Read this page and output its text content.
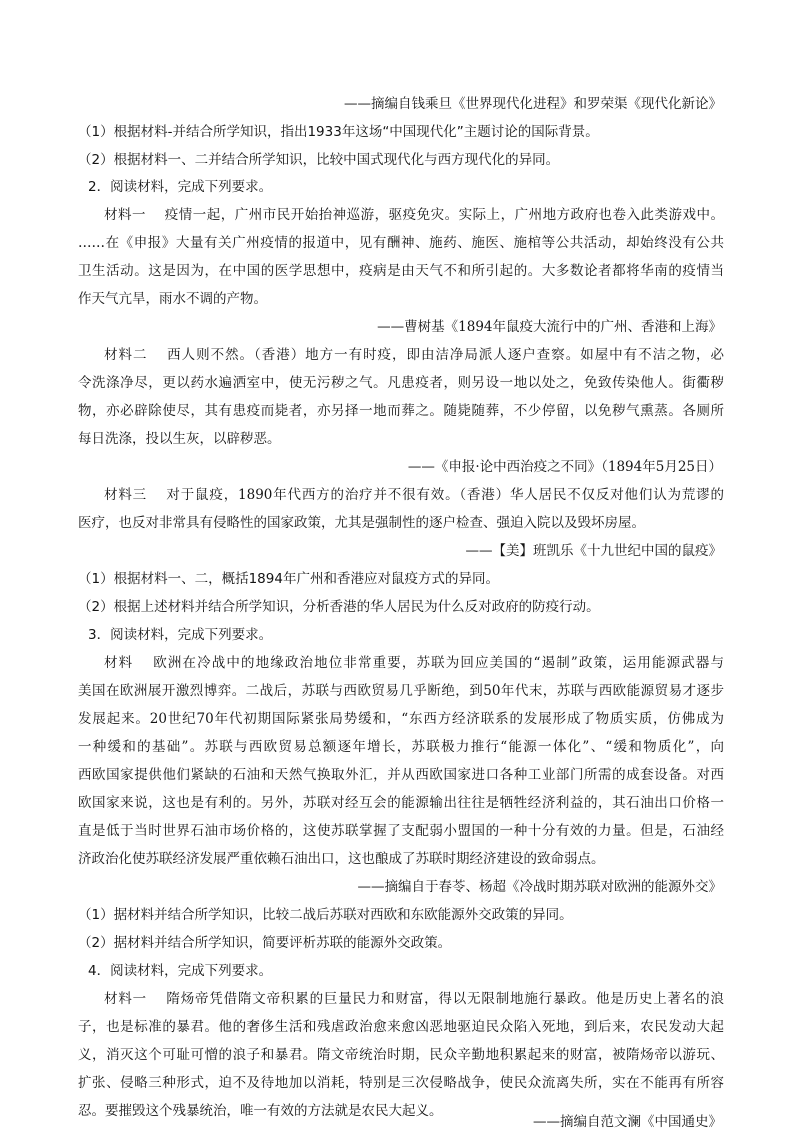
——摘编自钱乘旦《世界现代化进程》和罗荣渠《现代化新论》
（1）根据材料-并结合所学知识，指出1933年这场“中国现代化”主题讨论的国际背景。
（2）根据材料一、二并结合所学知识，比较中国式现代化与西方现代化的异同。
2．阅读材料，完成下列要求。
材料一　 疫情一起，广州市民开始抬神巡游，驱疫免灾。实际上，广州地方政府也卷入此类游戏中。
……在《申报》大量有关广州疫情的报道中，见有酬神、施药、施医、施棺等公共活动，却始终没有公共
卫生活动。这是因为，在中国的医学思想中，疫病是由天气不和所引起的。大多数论者都将华南的疫情当
作天气亢旱，雨水不调的产物。
——曹树基《1894年鼠疫大流行中的广州、香港和上海》
材料二　 西人则不然。（香港）地方一有时疫，即由洁净局派人逐户查察。如屋中有不洁之物，必
令洗涤净尽，更以药水遍洒室中，使无污秽之气。凡患疫者，则另设一地以处之，免致传染他人。街衢秽
物，亦必辟除使尽，其有患疫而毙者，亦另择一地而葬之。随毙随葬，不少停留，以免秽气熏蒸。各厕所
每日洗涤，投以生灰，以辟秽恶。
——《申报·论中西治疫之不同》（1894年5月25日）
材料三　 对于鼠疫，1890年代西方的治疗并不很有效。（香港）华人居民不仅反对他们认为荒谬的
医疗，也反对非常具有侵略性的国家政策，尤其是强制性的逐户检查、强迫入院以及毁坏房屋。
——【美】班凯乐《十九世纪中国的鼠疫》
（1）根据材料一、二，概括1894年广州和香港应对鼠疫方式的异同。
（2）根据上述材料并结合所学知识，分析香港的华人居民为什么反对政府的防疫行动。
3．阅读材料，完成下列要求。
材料　 欧洲在冷战中的地缘政治地位非常重要，苏联为回应美国的“遏制”政策，运用能源武器与
美国在欧洲展开激烈博弈。二战后，苏联与西欧贸易几乎断绝，到50年代末，苏联与西欧能源贸易才逐步
发展起来。20世纪70年代初期国际紧张局势缓和，“东西方经济联系的发展形成了物质实质，仿佛成为
一种缓和的基础”。苏联与西欧贸易总额逐年增长，苏联极力推行“能源一体化”、“缓和物质化”，向
西欧国家提供他们紧缺的石油和天然气换取外汇，并从西欧国家进口各种工业部门所需的成套设备。对西
欧国家来说，这也是有利的。另外，苏联对经互会的能源输出往往是牺牲经济利益的，其石油出口价格一
直是低于当时世界石油市场价格的，这使苏联掌握了支配弱小盟国的一种十分有效的力量。但是，石油经
济政治化使苏联经济发展严重依赖石油出口，这也酿成了苏联时期经济建设的致命弱点。
——摘编自于春苓、杨超《冷战时期苏联对欧洲的能源外交》
（1）据材料并结合所学知识，比较二战后苏联对西欧和东欧能源外交政策的异同。
（2）据材料并结合所学知识，简要评析苏联的能源外交政策。
4．阅读材料，完成下列要求。
材料一　 隋炀帝凭借隋文帝积累的巨量民力和财富，得以无限制地施行暴政。他是历史上著名的浪
子，也是标准的暴君。他的奢侈生活和残虐政治愈来愈凶恶地驱迫民众陷入死地，到后来，农民发动大起
义，消灭这个可耻可憎的浪子和暴君。隋文帝统治时期，民众辛勤地积累起来的财富，被隋炀帝以游玩、
扩张、侵略三种形式，迫不及待地加以消耗，特别是三次侵略战争，使民众流离失所，实在不能再有所容
忍。要摧毁这个残暴统治，唯一有效的方法就是农民大起义。
——摘编自范文澜《中国通史》
